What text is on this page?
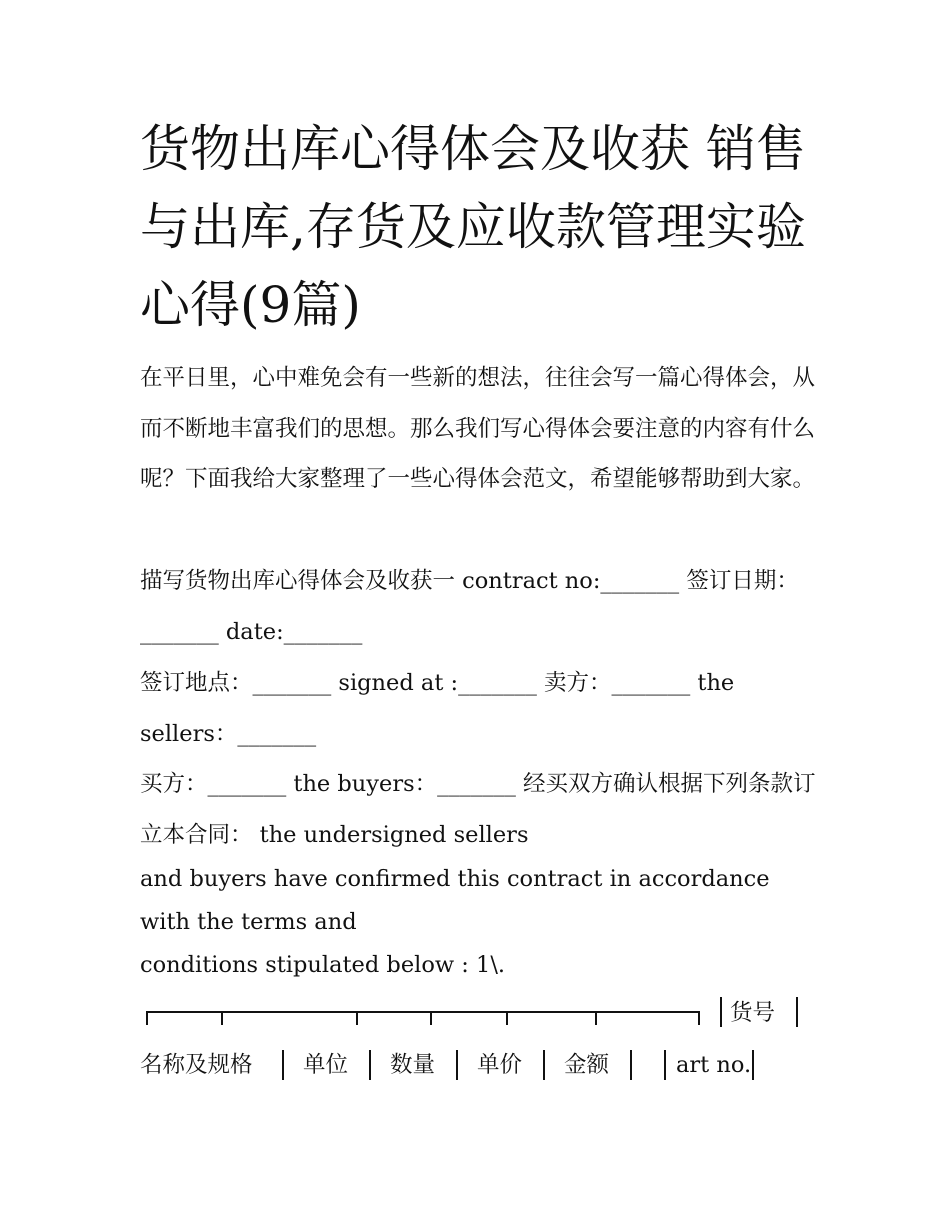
货物出库心得体会及收获 销售与出库,存货及应收款管理实验心得(9篇)

在平日里，心中难免会有一些新的想法，往往会写一篇心得体会，从而不断地丰富我们的思想。那么我们写心得体会要注意的内容有什么呢？下面我给大家整理了一些心得体会范文，希望能够帮助到大家。

描写货物出库心得体会及收获一 contract no:_______ 签订日期：_______ date:_______

签订地点：_______ signed at :_______ 卖方：_______ the sellers：_______

买方：_______ the buyers：_______ 经买双方确认根据下列条款订立本合同： the undersigned sellers

and buyers have confirmed this contract in accordance with the terms and

conditions stipulated below : 1\.

货号
名称及规格 单位 数量 单价 金额	art no.
